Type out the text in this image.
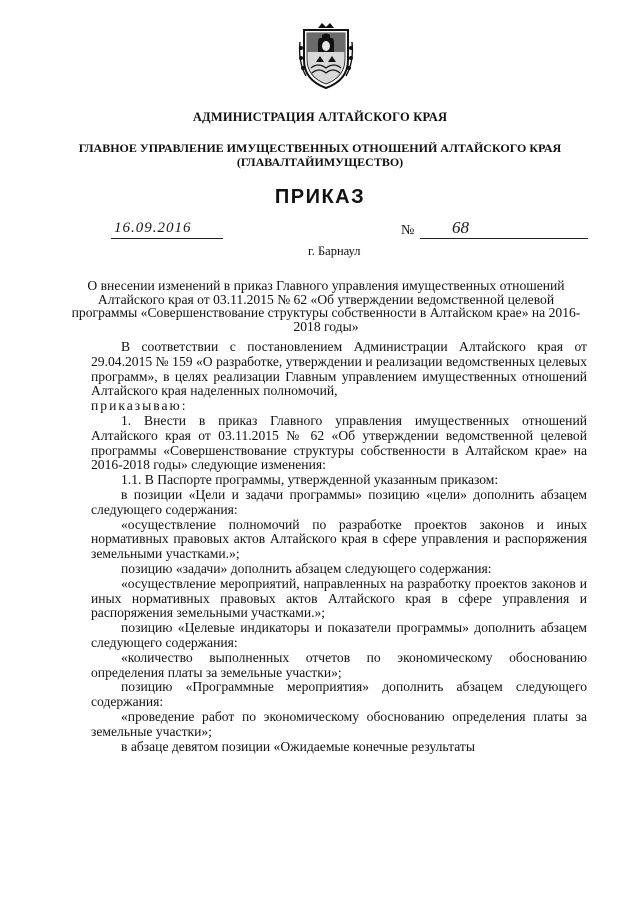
АДМИНИСТРАЦИЯ АЛТАЙСКОГО КРАЯ
ГЛАВНОЕ УПРАВЛЕНИЕ ИМУЩЕСТВЕННЫХ ОТНОШЕНИЙ АЛТАЙСКОГО КРАЯ
(ГЛАВАЛТАЙИМУЩЕСТВО)
ПРИКАЗ
16.09.2016	№ 68
г. Барнаул
О внесении изменений в приказ Главного управления имущественных отношений Алтайского края от 03.11.2015 № 62 «Об утверждении ведомственной целевой программы «Совершенствование структуры собственности в Алтайском крае» на 2016-2018 годы»

В соответствии с постановлением Администрации Алтайского края от 29.04.2015 № 159 «О разработке, утверждении и реализации ведомственных целевых программ», в целях реализации Главным управлением имущественных отношений Алтайского края наделенных полномочий,

приказываю:

1. Внести в приказ Главного управления имущественных отношений Алтайского края от 03.11.2015 № 62 «Об утверждении ведомственной целевой программы «Совершенствование структуры собственности в Алтайском крае» на 2016-2018 годы» следующие изменения:

1.1. В Паспорте программы, утвержденной указанным приказом:

в позиции «Цели и задачи программы» позицию «цели» дополнить абзацем следующего содержания:

«осуществление полномочий по разработке проектов законов и иных нормативных правовых актов Алтайского края в сфере управления и распоряжения земельными участками.»;

позицию «задачи» дополнить абзацем следующего содержания:

«осуществление мероприятий, направленных на разработку проектов законов и иных нормативных правовых актов Алтайского края в сфере управления и распоряжения земельными участками.»;

позицию «Целевые индикаторы и показатели программы» дополнить абзацем следующего содержания:

«количество выполненных отчетов по экономическому обоснованию определения платы за земельные участки»;

позицию «Программные мероприятия» дополнить абзацем следующего содержания:

«проведение работ по экономическому обоснованию определения платы за земельные участки»;

в абзаце девятом позиции «Ожидаемые конечные результаты
